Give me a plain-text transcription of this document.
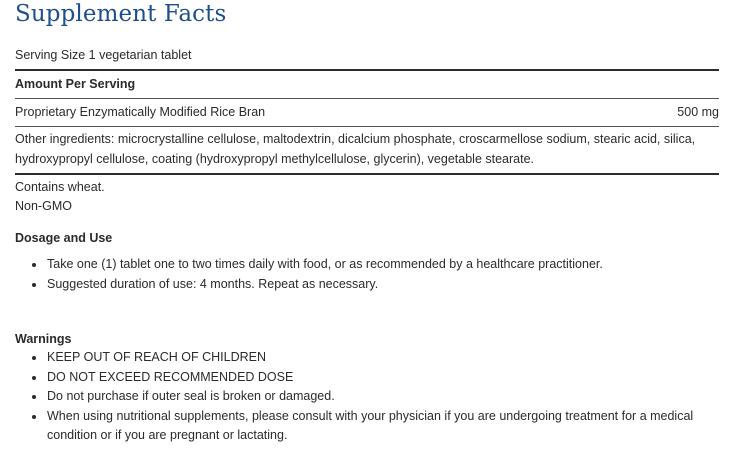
Supplement Facts
Serving Size 1 vegetarian tablet
Amount Per Serving
Proprietary Enzymatically Modified Rice Bran	500 mg
Other ingredients: microcrystalline cellulose, maltodextrin, dicalcium phosphate, croscarmellose sodium, stearic acid, silica, hydroxypropyl cellulose, coating (hydroxypropyl methylcellulose, glycerin), vegetable stearate.
Contains wheat.
Non-GMO
Dosage and Use
Take one (1) tablet one to two times daily with food, or as recommended by a healthcare practitioner.
Suggested duration of use: 4 months. Repeat as necessary.
Warnings
KEEP OUT OF REACH OF CHILDREN
DO NOT EXCEED RECOMMENDED DOSE
Do not purchase if outer seal is broken or damaged.
When using nutritional supplements, please consult with your physician if you are undergoing treatment for a medical condition or if you are pregnant or lactating.
